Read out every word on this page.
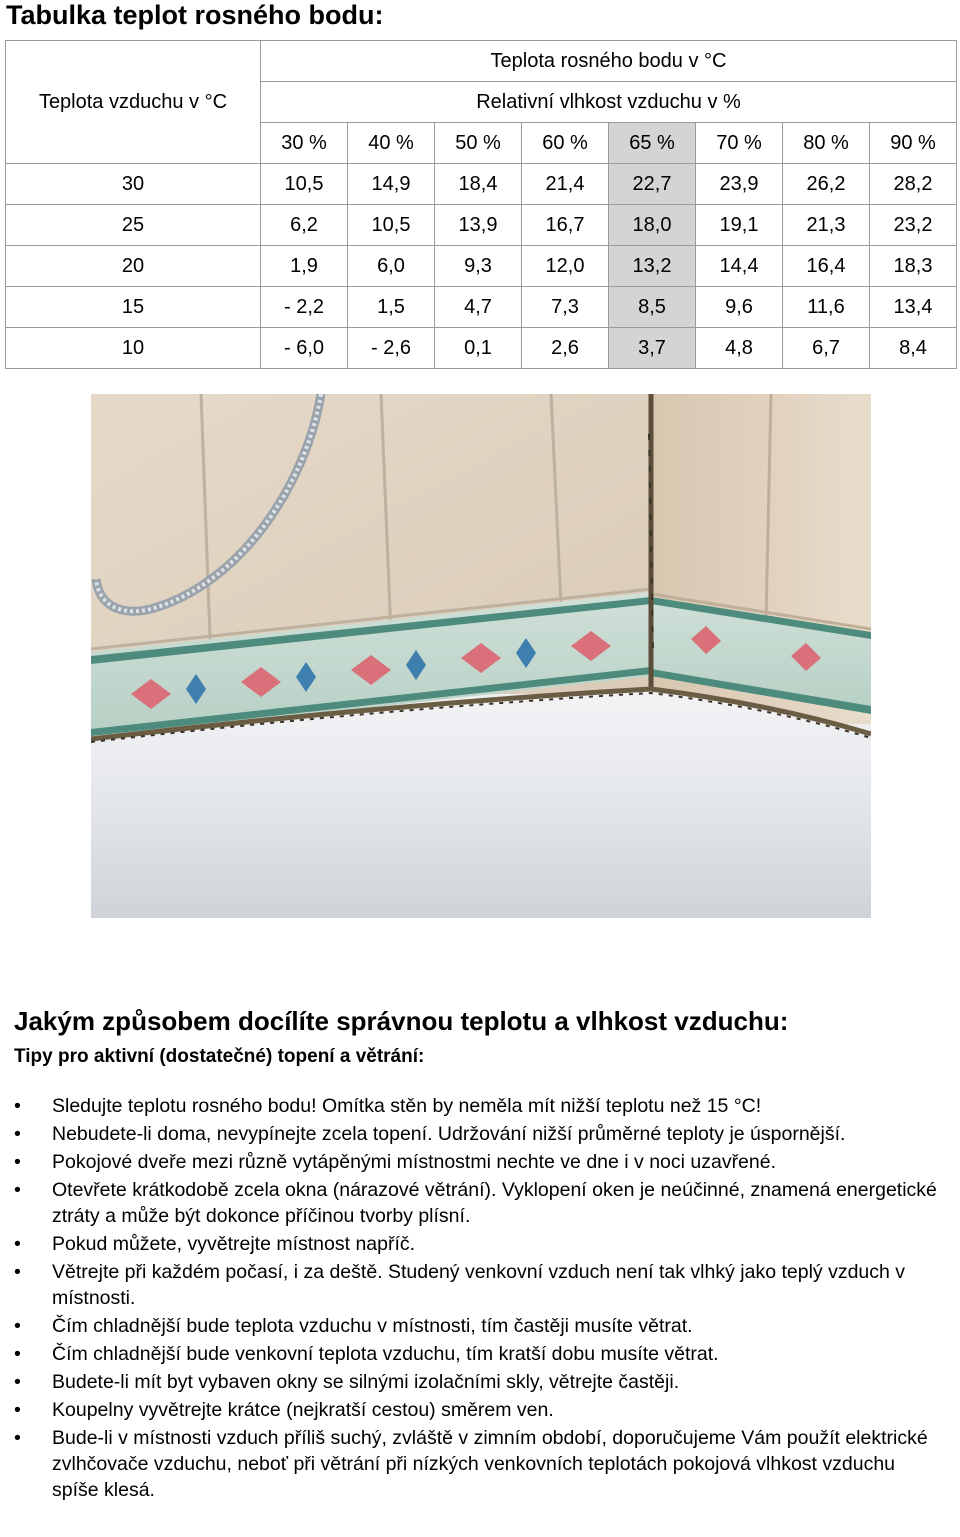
Tabulka teplot rosného bodu:
Teplota vzduchu v °C	Teplota rosného bodu v °C							
	Relativní vlhkost vzduchu v %							
	30 %	40 %	50 %	60 %	65 %	70 %	80 %	90 %
30	10,5	14,9	18,4	21,4	22,7	23,9	26,2	28,2
25	6,2	10,5	13,9	16,7	18,0	19,1	21,3	23,2
20	1,9	6,0	9,3	12,0	13,2	14,4	16,4	18,3
15	- 2,2	1,5	4,7	7,3	8,5	9,6	11,6	13,4
10	- 6,0	- 2,6	0,1	2,6	3,7	4,8	6,7	8,4
Jakým způsobem docílíte správnou teplotu a vlhkost vzduchu:
Tipy pro aktivní (dostatečné) topení a větrání:
•	Sledujte teplotu rosného bodu! Omítka stěn by neměla mít nižší teplotu než 15 °C!
•	Nebudete-li doma, nevypínejte zcela topení. Udržování nižší průměrné teploty je úspornější.
•	Pokojové dveře mezi různě vytápěnými místnostmi nechte ve dne i v noci uzavřené.
•	Otevřete krátkodobě zcela okna (nárazové větrání). Vyklopení oken je neúčinné, znamená energetické ztráty a může být dokonce příčinou tvorby plísní.
•	Pokud můžete, vyvětrejte místnost napříč.
•	Větrejte při každém počasí, i za deště. Studený venkovní vzduch není tak vlhký jako teplý vzduch v místnosti.
•	Čím chladnější bude teplota vzduchu v místnosti, tím častěji musíte větrat.
•	Čím chladnější bude venkovní teplota vzduchu, tím kratší dobu musíte větrat.
•	Budete-li mít byt vybaven okny se silnými izolačními skly, větrejte častěji.
•	Koupelny vyvětrejte krátce (nejkratší cestou) směrem ven.
•	Bude-li v místnosti vzduch příliš suchý, zvláště v zimním období, doporučujeme Vám použít elektrické zvlhčovače vzduchu, neboť při větrání při nízkých venkovních teplotách pokojová vlhkost vzduchu spíše klesá.
